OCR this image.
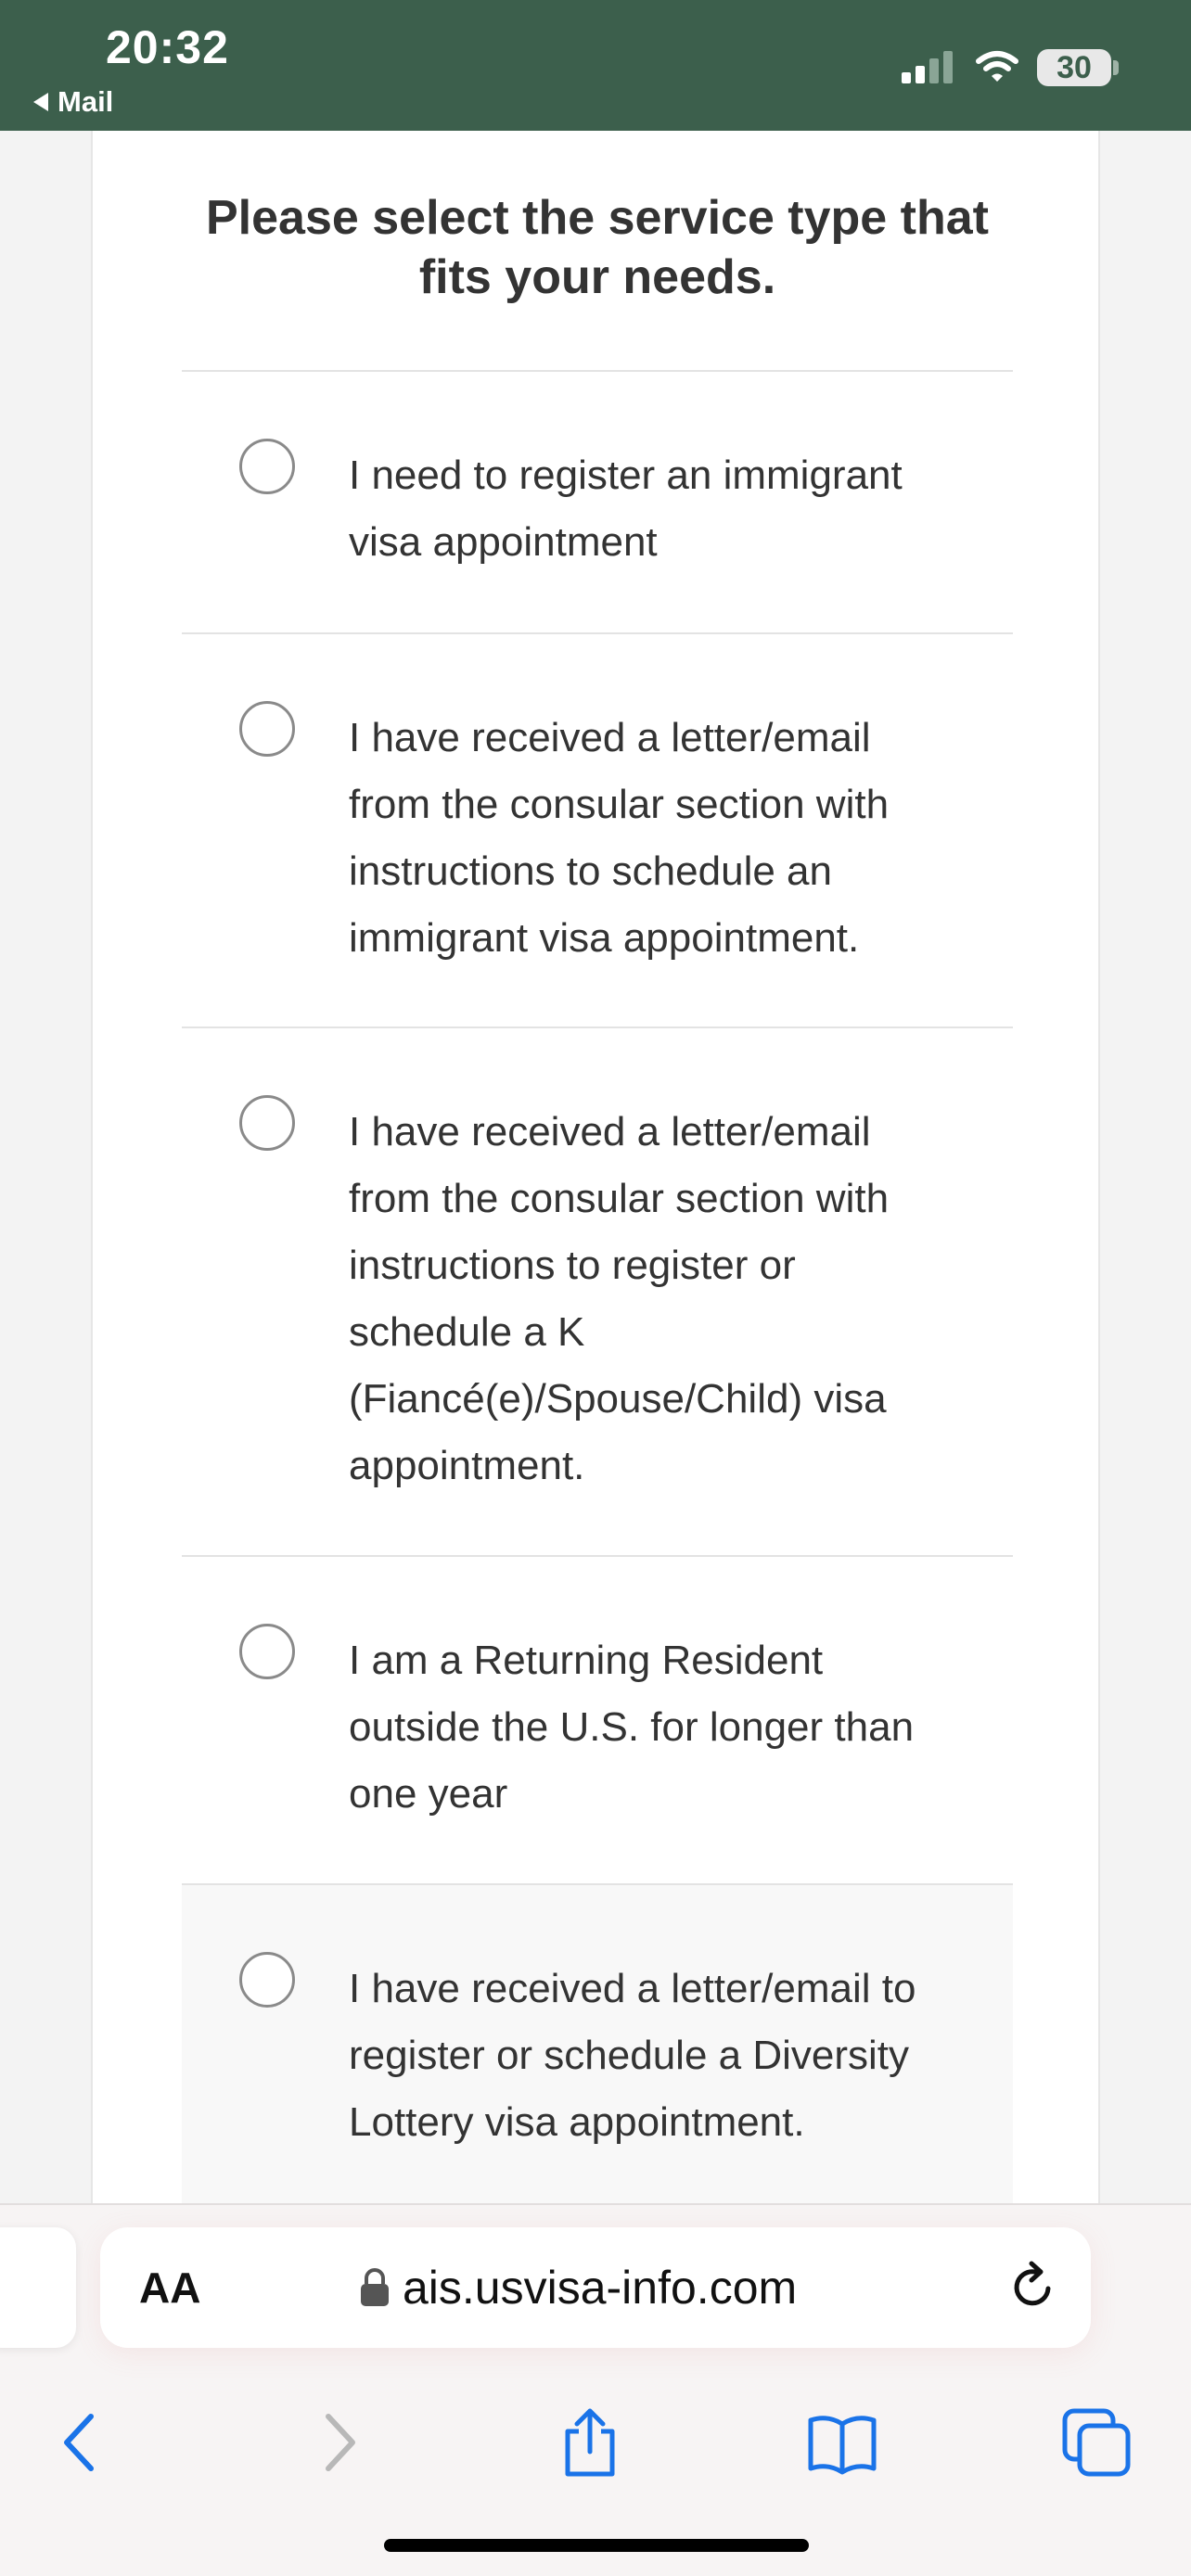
20:32
Mail
30
Please select the service type that fits your needs.
I need to register an immigrant visa appointment
I have received a letter/email from the consular section with instructions to schedule an immigrant visa appointment.
I have received a letter/email from the consular section with instructions to register or schedule a K (Fiancé(e)/Spouse/Child) visa appointment.
I am a Returning Resident outside the U.S. for longer than one year
I have received a letter/email to register or schedule a Diversity Lottery visa appointment.
AA	ais.usvisa-info.com
